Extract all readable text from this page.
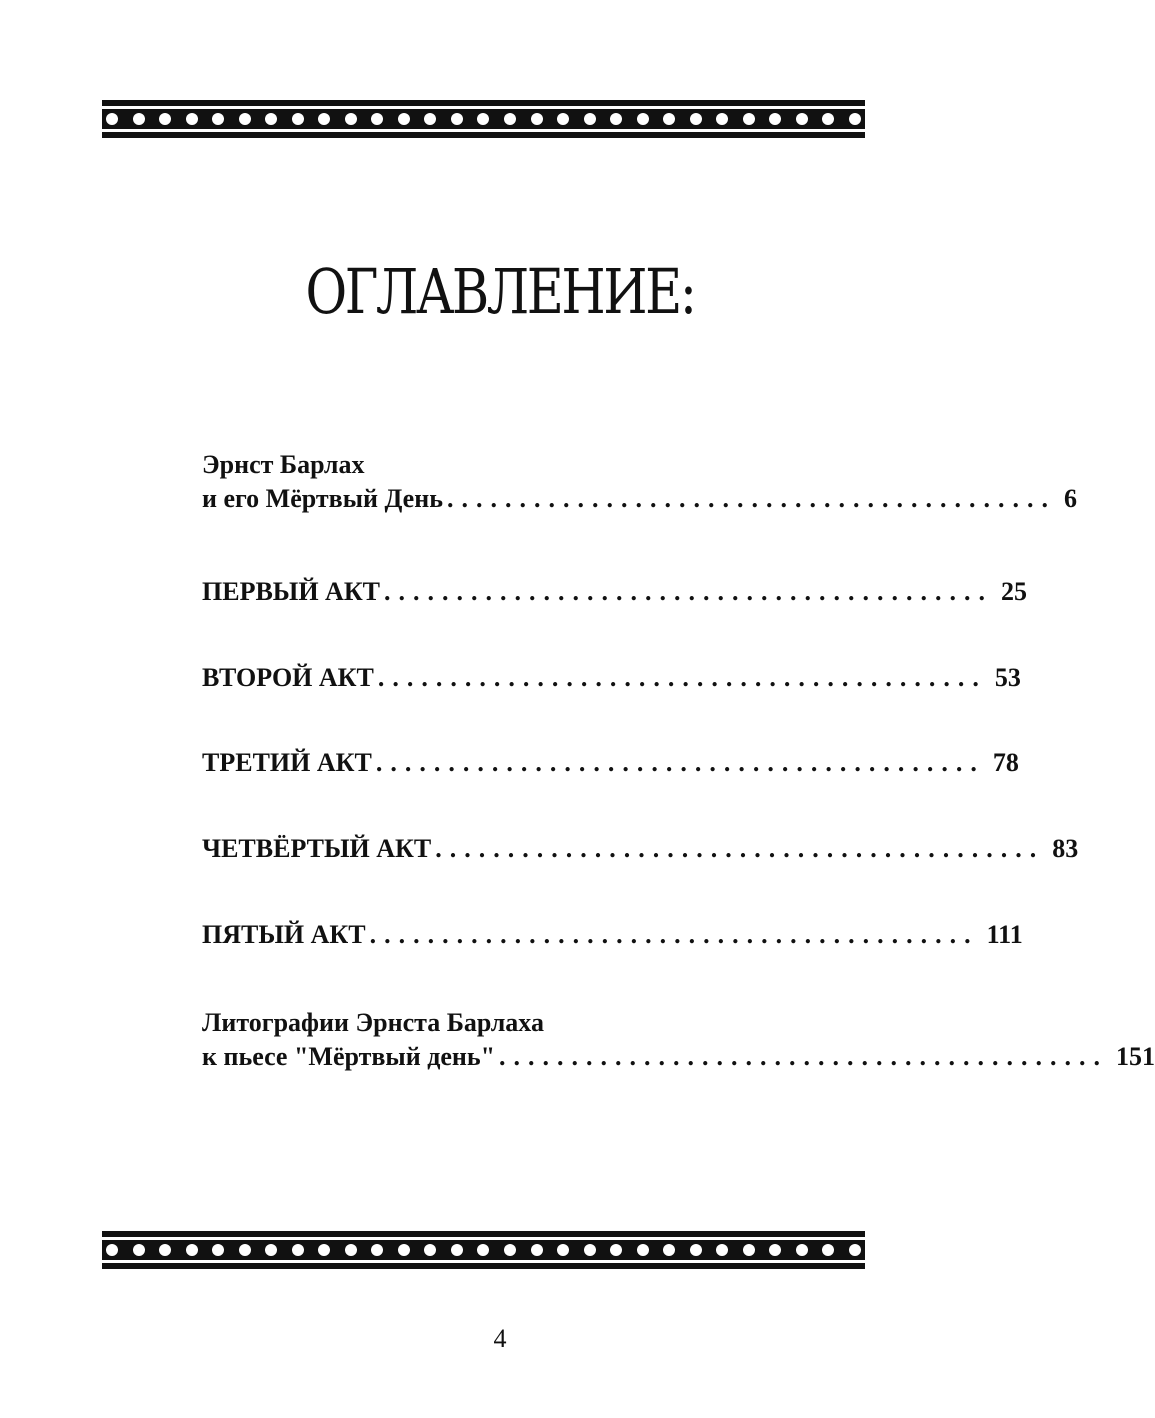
ОГЛАВЛЕНИЕ:
Эрнст Барлах
и его Мёртвый День .......................................... 6
ПЕРВЫЙ АКТ .......................................... 25
ВТОРОЙ АКТ .......................................... 53
ТРЕТИЙ АКТ .......................................... 78
ЧЕТВЁРТЫЙ АКТ .......................................... 83
ПЯТЫЙ АКТ .......................................... 111
Литографии Эрнста Барлаха
к пьесе "Мёртвый день" .......................................... 151
4
